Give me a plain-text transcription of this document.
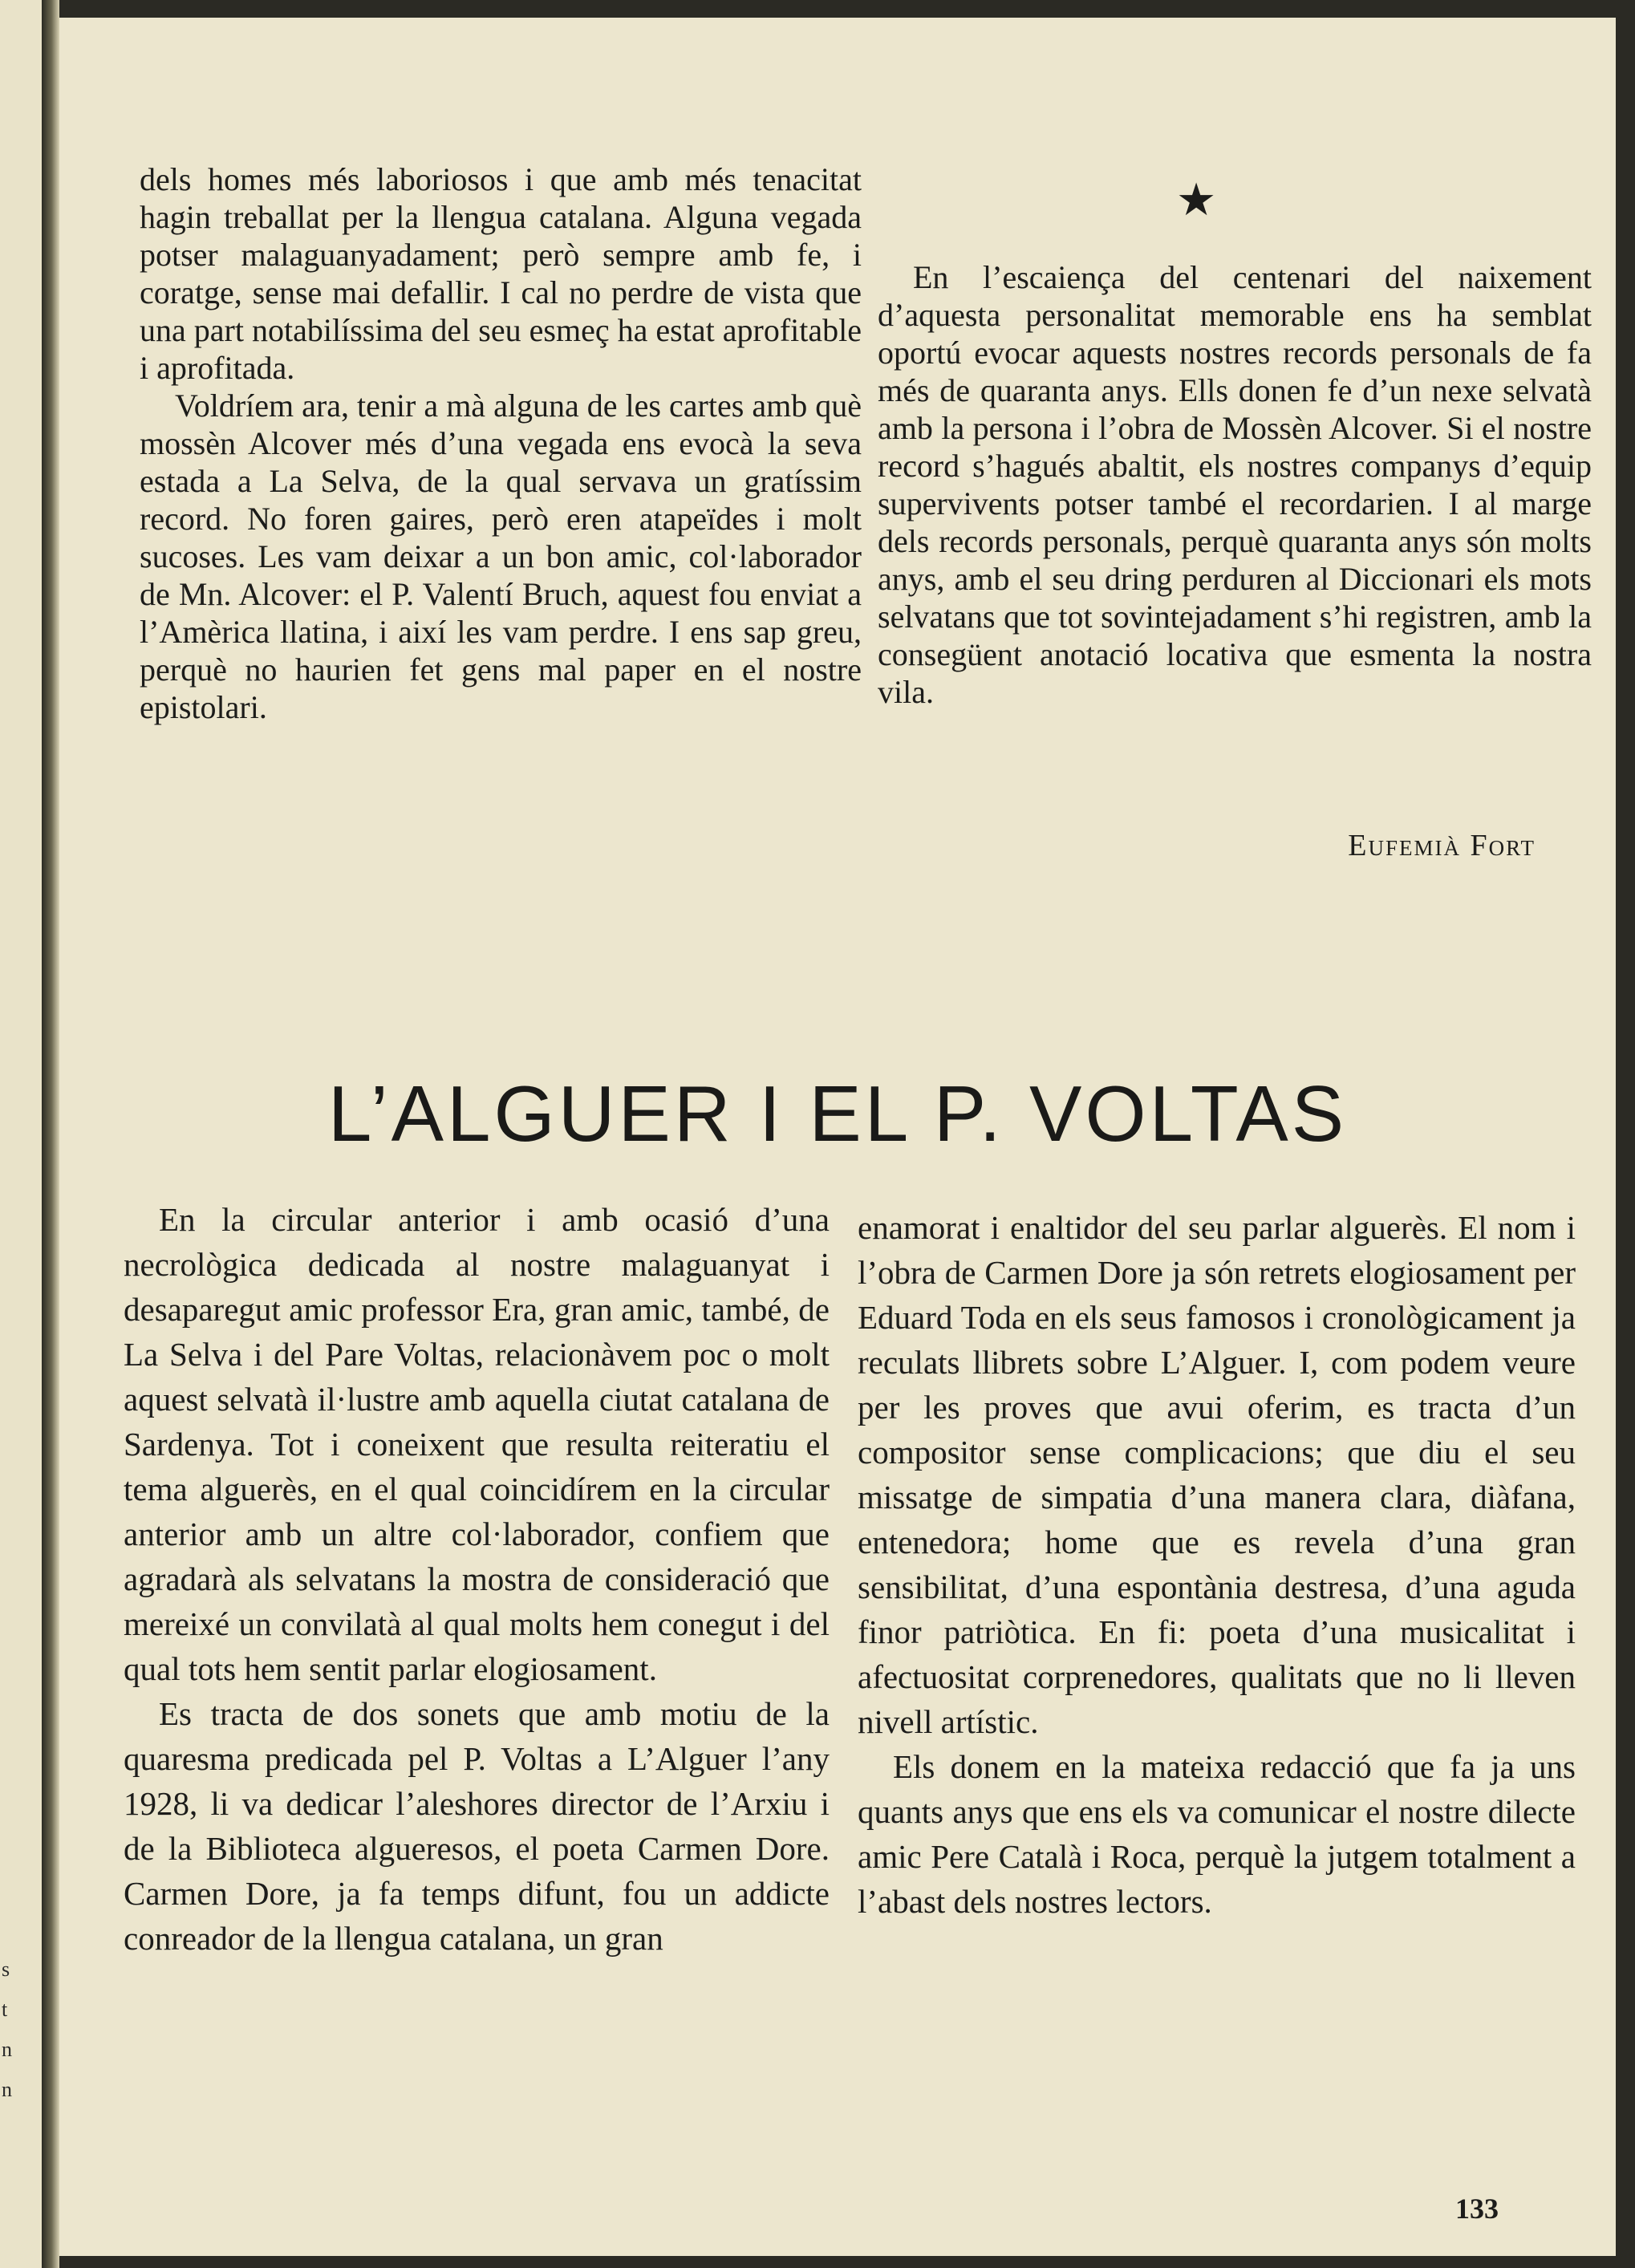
s
t
n
n

dels homes més laboriosos i que amb més tenacitat hagin treballat per la llengua catalana. Alguna vegada potser malaguanyadament; però sempre amb fe, i coratge, sense mai defallir. I cal no perdre de vista que una part notabilíssima del seu esmeç ha estat aprofitable i aprofitada.

Voldríem ara, tenir a mà alguna de les cartes amb què mossèn Alcover més d’una vegada ens evocà la seva estada a La Selva, de la qual servava un gratíssim record. No foren gaires, però eren atapeïdes i molt sucoses. Les vam deixar a un bon amic, col·laborador de Mn. Alcover: el P. Valentí Bruch, aquest fou enviat a l’Amèrica llatina, i així les vam perdre. I ens sap greu, perquè no haurien fet gens mal paper en el nostre epistolari.

★

En l’escaiença del centenari del naixement d’aquesta personalitat memorable ens ha semblat oportú evocar aquests nostres records personals de fa més de quaranta anys. Ells donen fe d’un nexe selvatà amb la persona i l’obra de Mossèn Alcover. Si el nostre record s’hagués abaltit, els nostres companys d’equip supervivents potser també el recordarien. I al marge dels records personals, perquè quaranta anys són molts anys, amb el seu dring perduren al Diccionari els mots selvatans que tot sovintejadament s’hi registren, amb la consegüent anotació locativa que esmenta la nostra vila.

Eufemià Fort
L’ALGUER I EL P. VOLTAS

En la circular anterior i amb ocasió d’una necrològica dedicada al nostre malaguanyat i desaparegut amic professor Era, gran amic, també, de La Selva i del Pare Voltas, relacionàvem poc o molt aquest selvatà il·lustre amb aquella ciutat catalana de Sardenya. Tot i coneixent que resulta reiteratiu el tema alguerès, en el qual coincidírem en la circular anterior amb un altre col·laborador, confiem que agradarà als selvatans la mostra de consideració que mereixé un convilatà al qual molts hem conegut i del qual tots hem sentit parlar elogiosament.

Es tracta de dos sonets que amb motiu de la quaresma predicada pel P. Voltas a L’Alguer l’any 1928, li va dedicar l’aleshores director de l’Arxiu i de la Biblioteca algueresos, el poeta Carmen Dore. Carmen Dore, ja fa temps difunt, fou un addicte conreador de la llengua catalana, un gran

enamorat i enaltidor del seu parlar alguerès. El nom i l’obra de Carmen Dore ja són retrets elogiosament per Eduard Toda en els seus famosos i cronològicament ja reculats llibrets sobre L’Alguer. I, com podem veure per les proves que avui oferim, es tracta d’un compositor sense complicacions; que diu el seu missatge de simpatia d’una manera clara, diàfana, entenedora; home que es revela d’una gran sensibilitat, d’una espontània destresa, d’una aguda finor patriòtica. En fi: poeta d’una musicalitat i afectuositat corprenedores, qualitats que no li lleven nivell artístic.

Els donem en la mateixa redacció que fa ja uns quants anys que ens els va comunicar el nostre dilecte amic Pere Català i Roca, perquè la jutgem totalment a l’abast dels nostres lectors.

133
